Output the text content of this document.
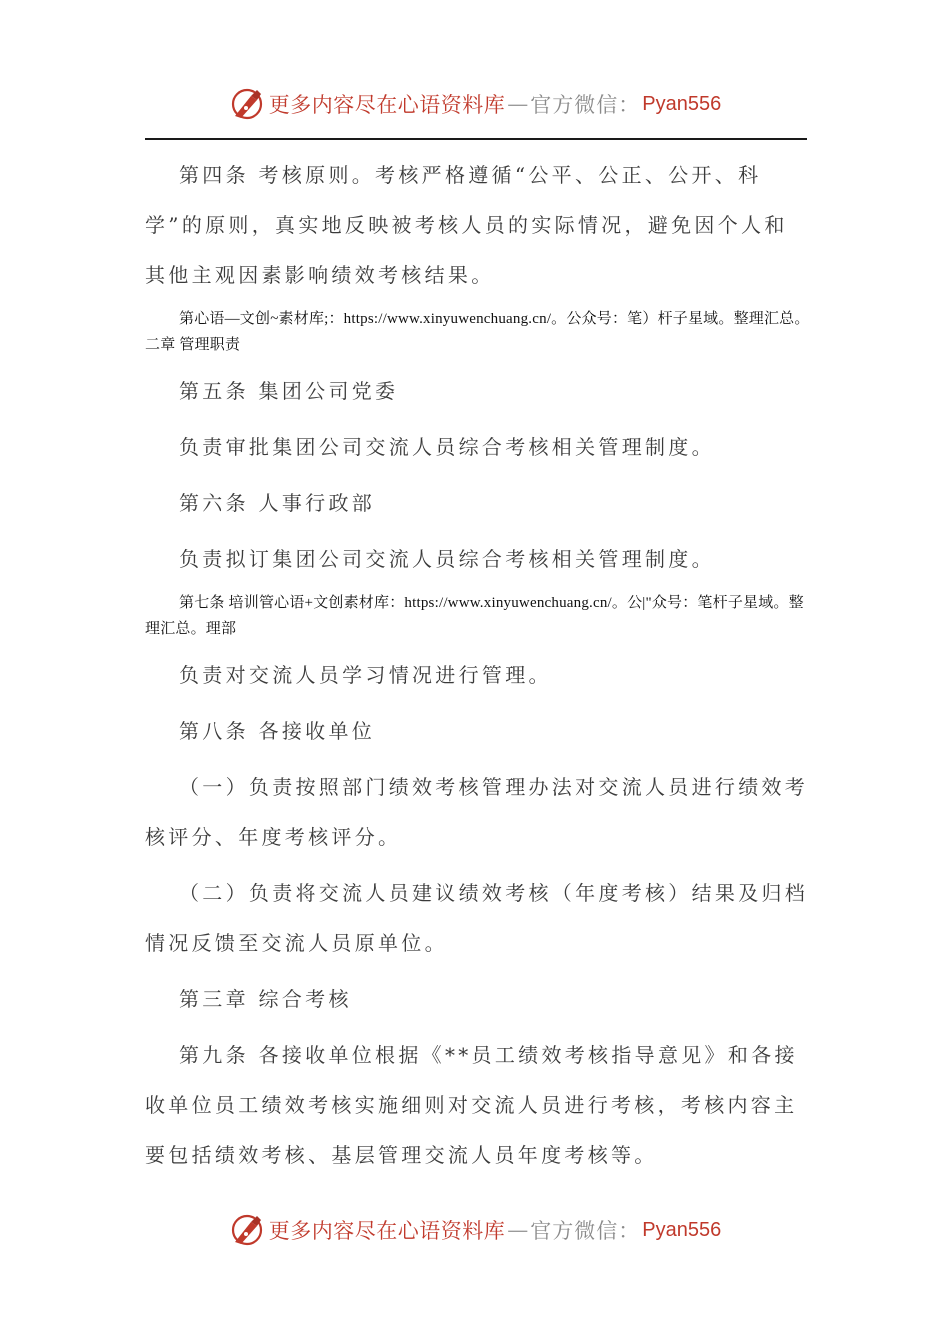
更多内容尽在心语资料库 — 官方微信： Pyan556

第四条 考核原则。考核严格遵循“公平、公正、公开、科学”的原则，真实地反映被考核人员的实际情况，避免因个人和其他主观因素影响绩效考核结果。

第心语—文创~素材库;：https://www.xinyuwenchuang.cn/。公众号：笔）杆子星域。整理汇总。二章 管理职责

第五条 集团公司党委

负责审批集团公司交流人员综合考核相关管理制度。

第六条 人事行政部

负责拟订集团公司交流人员综合考核相关管理制度。

第七条 培训管心语+文创素材库：https://www.xinyuwenchuang.cn/。公|"众号：笔杆子星域。整理汇总。理部

负责对交流人员学习情况进行管理。

第八条 各接收单位

（一）负责按照部门绩效考核管理办法对交流人员进行绩效考核评分、年度考核评分。

（二）负责将交流人员建议绩效考核（年度考核）结果及归档情况反馈至交流人员原单位。

第三章 综合考核

第九条 各接收单位根据《**员工绩效考核指导意见》和各接收单位员工绩效考核实施细则对交流人员进行考核，考核内容主要包括绩效考核、基层管理交流人员年度考核等。

更多内容尽在心语资料库 — 官方微信： Pyan556
